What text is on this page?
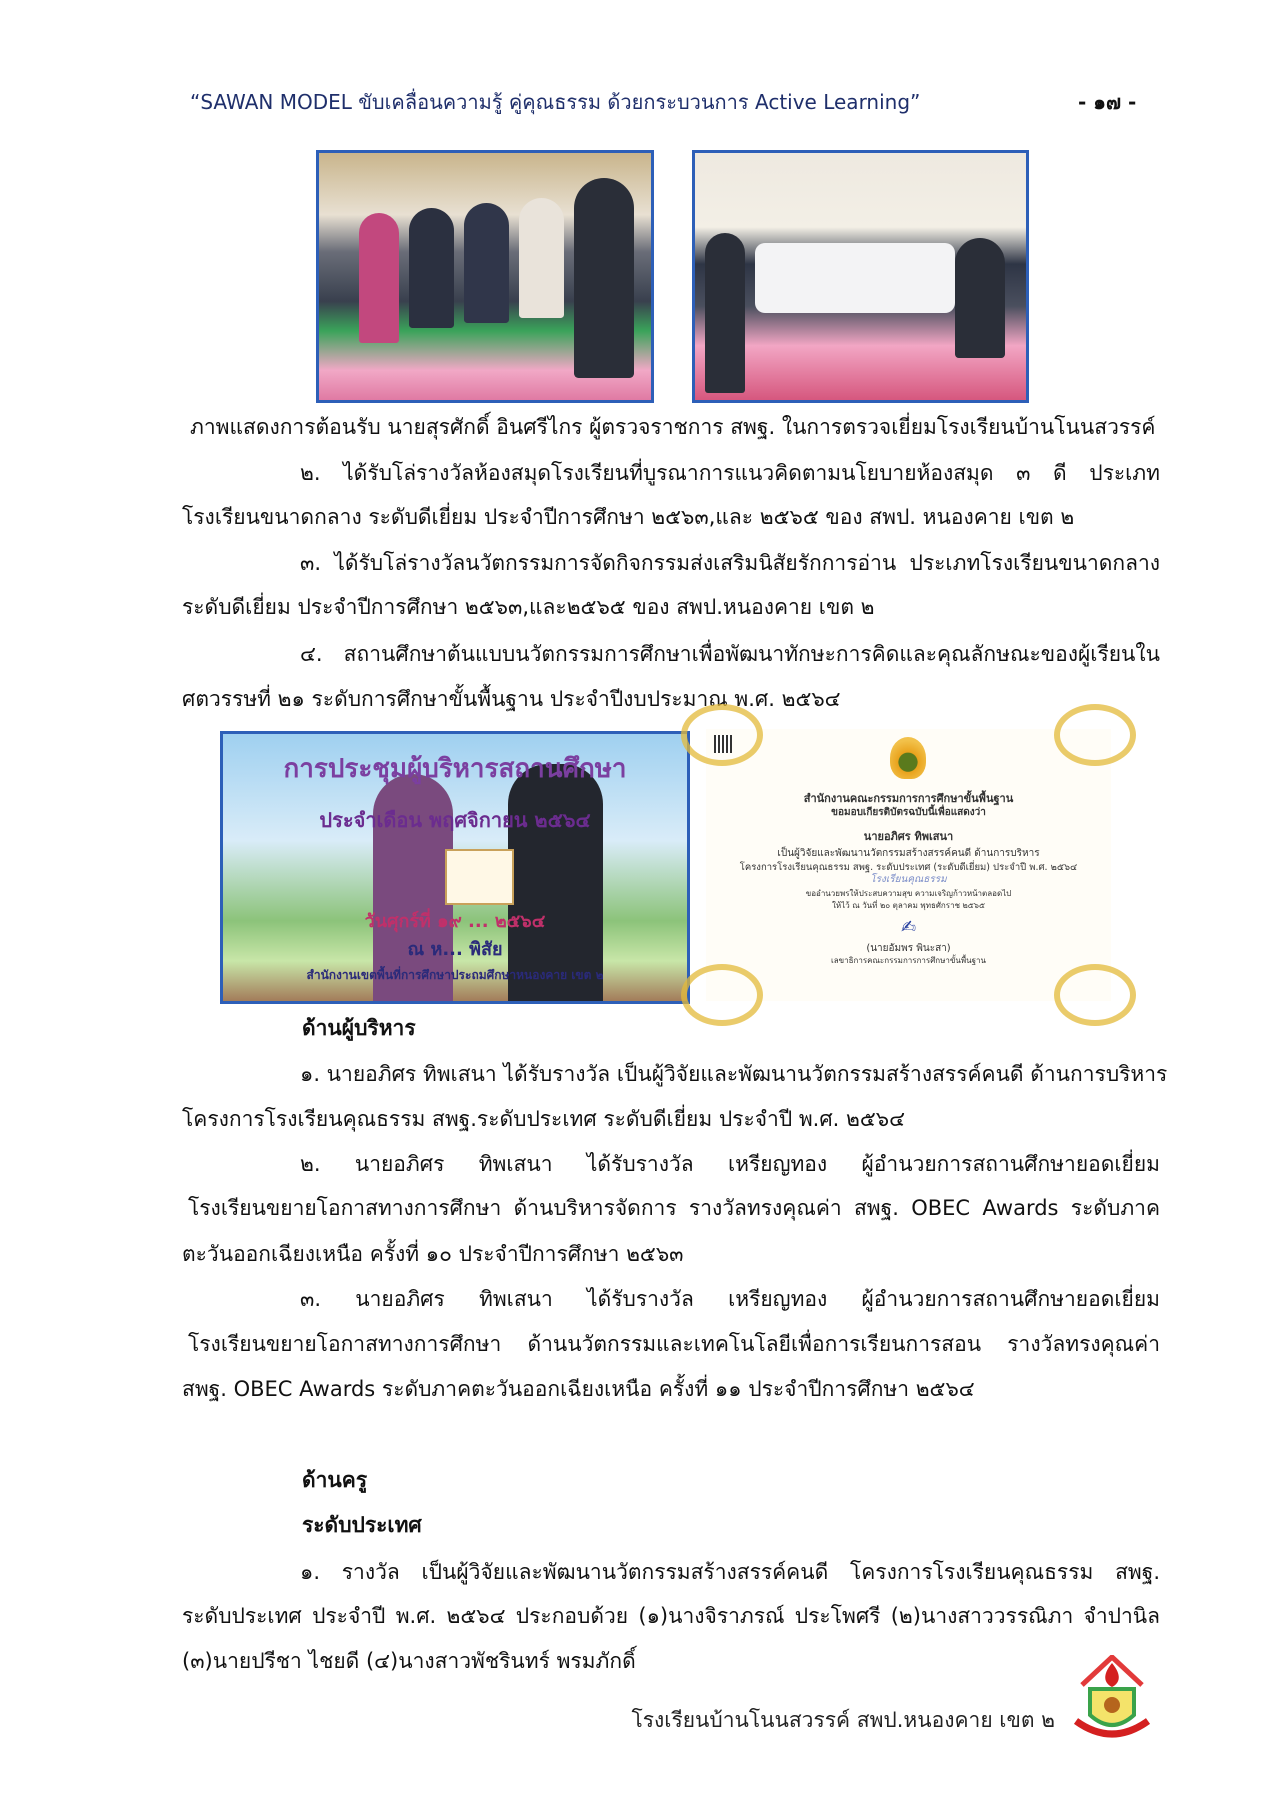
“SAWAN MODEL ขับเคลื่อนความรู้ คู่คุณธรรม ด้วยกระบวนการ Active Learning”	- ๑๗ -
ภาพแสดงการต้อนรับ นายสุรศักดิ์ อินศรีไกร ผู้ตรวจราชการ สพฐ. ในการตรวจเยี่ยมโรงเรียนบ้านโนนสวรรค์
๒. ได้รับโล่รางวัลห้องสมุดโรงเรียนที่บูรณาการแนวคิดตามนโยบายห้องสมุด ๓ ดี ประเภท
โรงเรียนขนาดกลาง ระดับดีเยี่ยม ประจำปีการศึกษา ๒๕๖๓,และ ๒๕๖๕ ของ สพป. หนองคาย เขต ๒
๓. ได้รับโล่รางวัลนวัตกรรมการจัดกิจกรรมส่งเสริมนิสัยรักการอ่าน ประเภทโรงเรียนขนาดกลาง
ระดับดีเยี่ยม ประจำปีการศึกษา ๒๕๖๓,และ๒๕๖๕ ของ สพป.หนองคาย เขต ๒
๔. สถานศึกษาต้นแบบนวัตกรรมการศึกษาเพื่อพัฒนาทักษะการคิดและคุณลักษณะของผู้เรียนใน
ศตวรรษที่ ๒๑ ระดับการศึกษาขั้นพื้นฐาน ประจำปีงบประมาณ พ.ศ. ๒๕๖๔
การประชุมผู้บริหารสถานศึกษา
ประจำเดือน พฤศจิกายน ๒๕๖๔
วันศุกร์ที่ ๑๙ ... ๒๕๖๔
ณ ห... พิสัย
สำนักงานเขตพื้นที่การศึกษาประถมศึกษาหนองคาย เขต ๒
สำนักงานคณะกรรมการการศึกษาขั้นพื้นฐาน
ขอมอบเกียรติบัตรฉบับนี้เพื่อแสดงว่า
นายอภิศร ทิพเสนา
เป็นผู้วิจัยและพัฒนานวัตกรรมสร้างสรรค์คนดี ด้านการบริหาร
โครงการโรงเรียนคุณธรรม สพฐ. ระดับประเทศ (ระดับดีเยี่ยม) ประจำปี พ.ศ. ๒๕๖๔
โรงเรียนคุณธรรม
ขออำนวยพรให้ประสบความสุข ความเจริญก้าวหน้าตลอดไป
ให้ไว้ ณ วันที่ ๒๐ ตุลาคม พุทธศักราช ๒๕๖๕
✍
(นายอัมพร พินะสา)
เลขาธิการคณะกรรมการการศึกษาขั้นพื้นฐาน
ด้านผู้บริหาร
๑. นายอภิศร ทิพเสนา ได้รับรางวัล เป็นผู้วิจัยและพัฒนานวัตกรรมสร้างสรรค์คนดี ด้านการบริหาร
โครงการโรงเรียนคุณธรรม สพฐ.ระดับประเทศ ระดับดีเยี่ยม ประจำปี พ.ศ. ๒๕๖๔
๒. นายอภิศร ทิพเสนา ได้รับรางวัล เหรียญทอง ผู้อำนวยการสถานศึกษายอดเยี่ยม
โรงเรียนขยายโอกาสทางการศึกษา ด้านบริหารจัดการ รางวัลทรงคุณค่า สพฐ. OBEC Awards ระดับภาค
ตะวันออกเฉียงเหนือ ครั้งที่ ๑๐ ประจำปีการศึกษา ๒๕๖๓
๓. นายอภิศร ทิพเสนา ได้รับรางวัล เหรียญทอง ผู้อำนวยการสถานศึกษายอดเยี่ยม
โรงเรียนขยายโอกาสทางการศึกษา ด้านนวัตกรรมและเทคโนโลยีเพื่อการเรียนการสอน รางวัลทรงคุณค่า
สพฐ. OBEC Awards ระดับภาคตะวันออกเฉียงเหนือ ครั้งที่ ๑๑ ประจำปีการศึกษา ๒๕๖๔
ด้านครู
ระดับประเทศ
๑. รางวัล เป็นผู้วิจัยและพัฒนานวัตกรรมสร้างสรรค์คนดี โครงการโรงเรียนคุณธรรม สพฐ.
ระดับประเทศ ประจำปี พ.ศ. ๒๕๖๔ ประกอบด้วย (๑)นางจิราภรณ์ ประโพศรี (๒)นางสาววรรณิภา จำปานิล
(๓)นายปรีชา ไชยดี (๔)นางสาวพัชรินทร์ พรมภักดิ์
โรงเรียนบ้านโนนสวรรค์ สพป.หนองคาย เขต ๒
